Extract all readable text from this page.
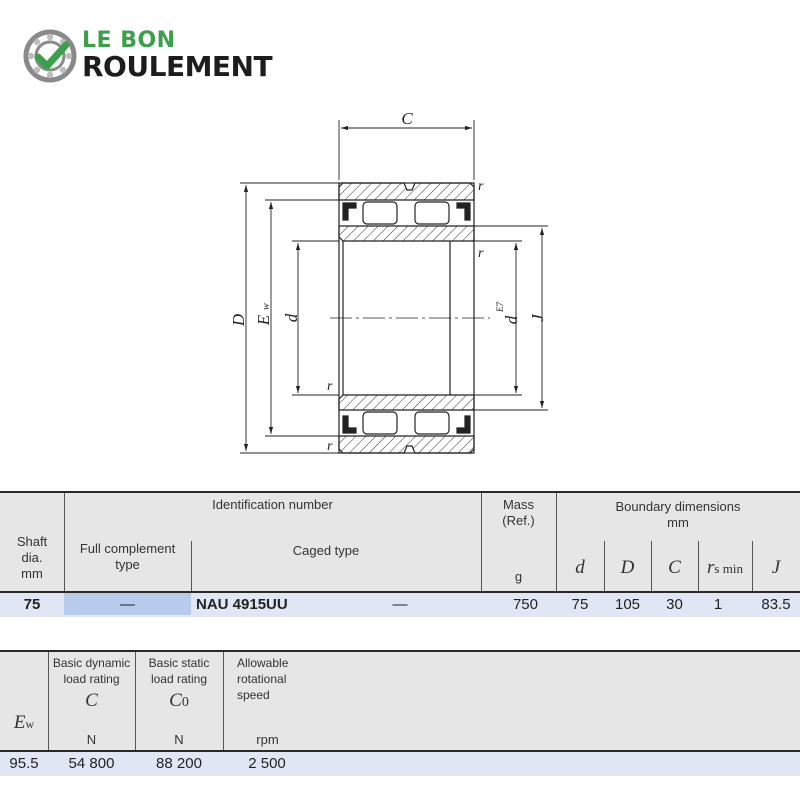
LE BON
ROULEMENT
C
r
r
r
r
D E
w
d	d
E7
J
Shaft
dia.
mm
Identification number
Full complement
type
Caged type
Mass
(Ref.)
g
Boundary dimensions
mm
d	D	C	rs min	J
75	—	NAU 4915UU	—	750	75	105	30	1	83.5
Ew
Basic dynamic
load rating
C
N
Basic static
load rating
C0
N
Allowable
rotational
speed
rpm
95.5	54 800	88 200	2 500
